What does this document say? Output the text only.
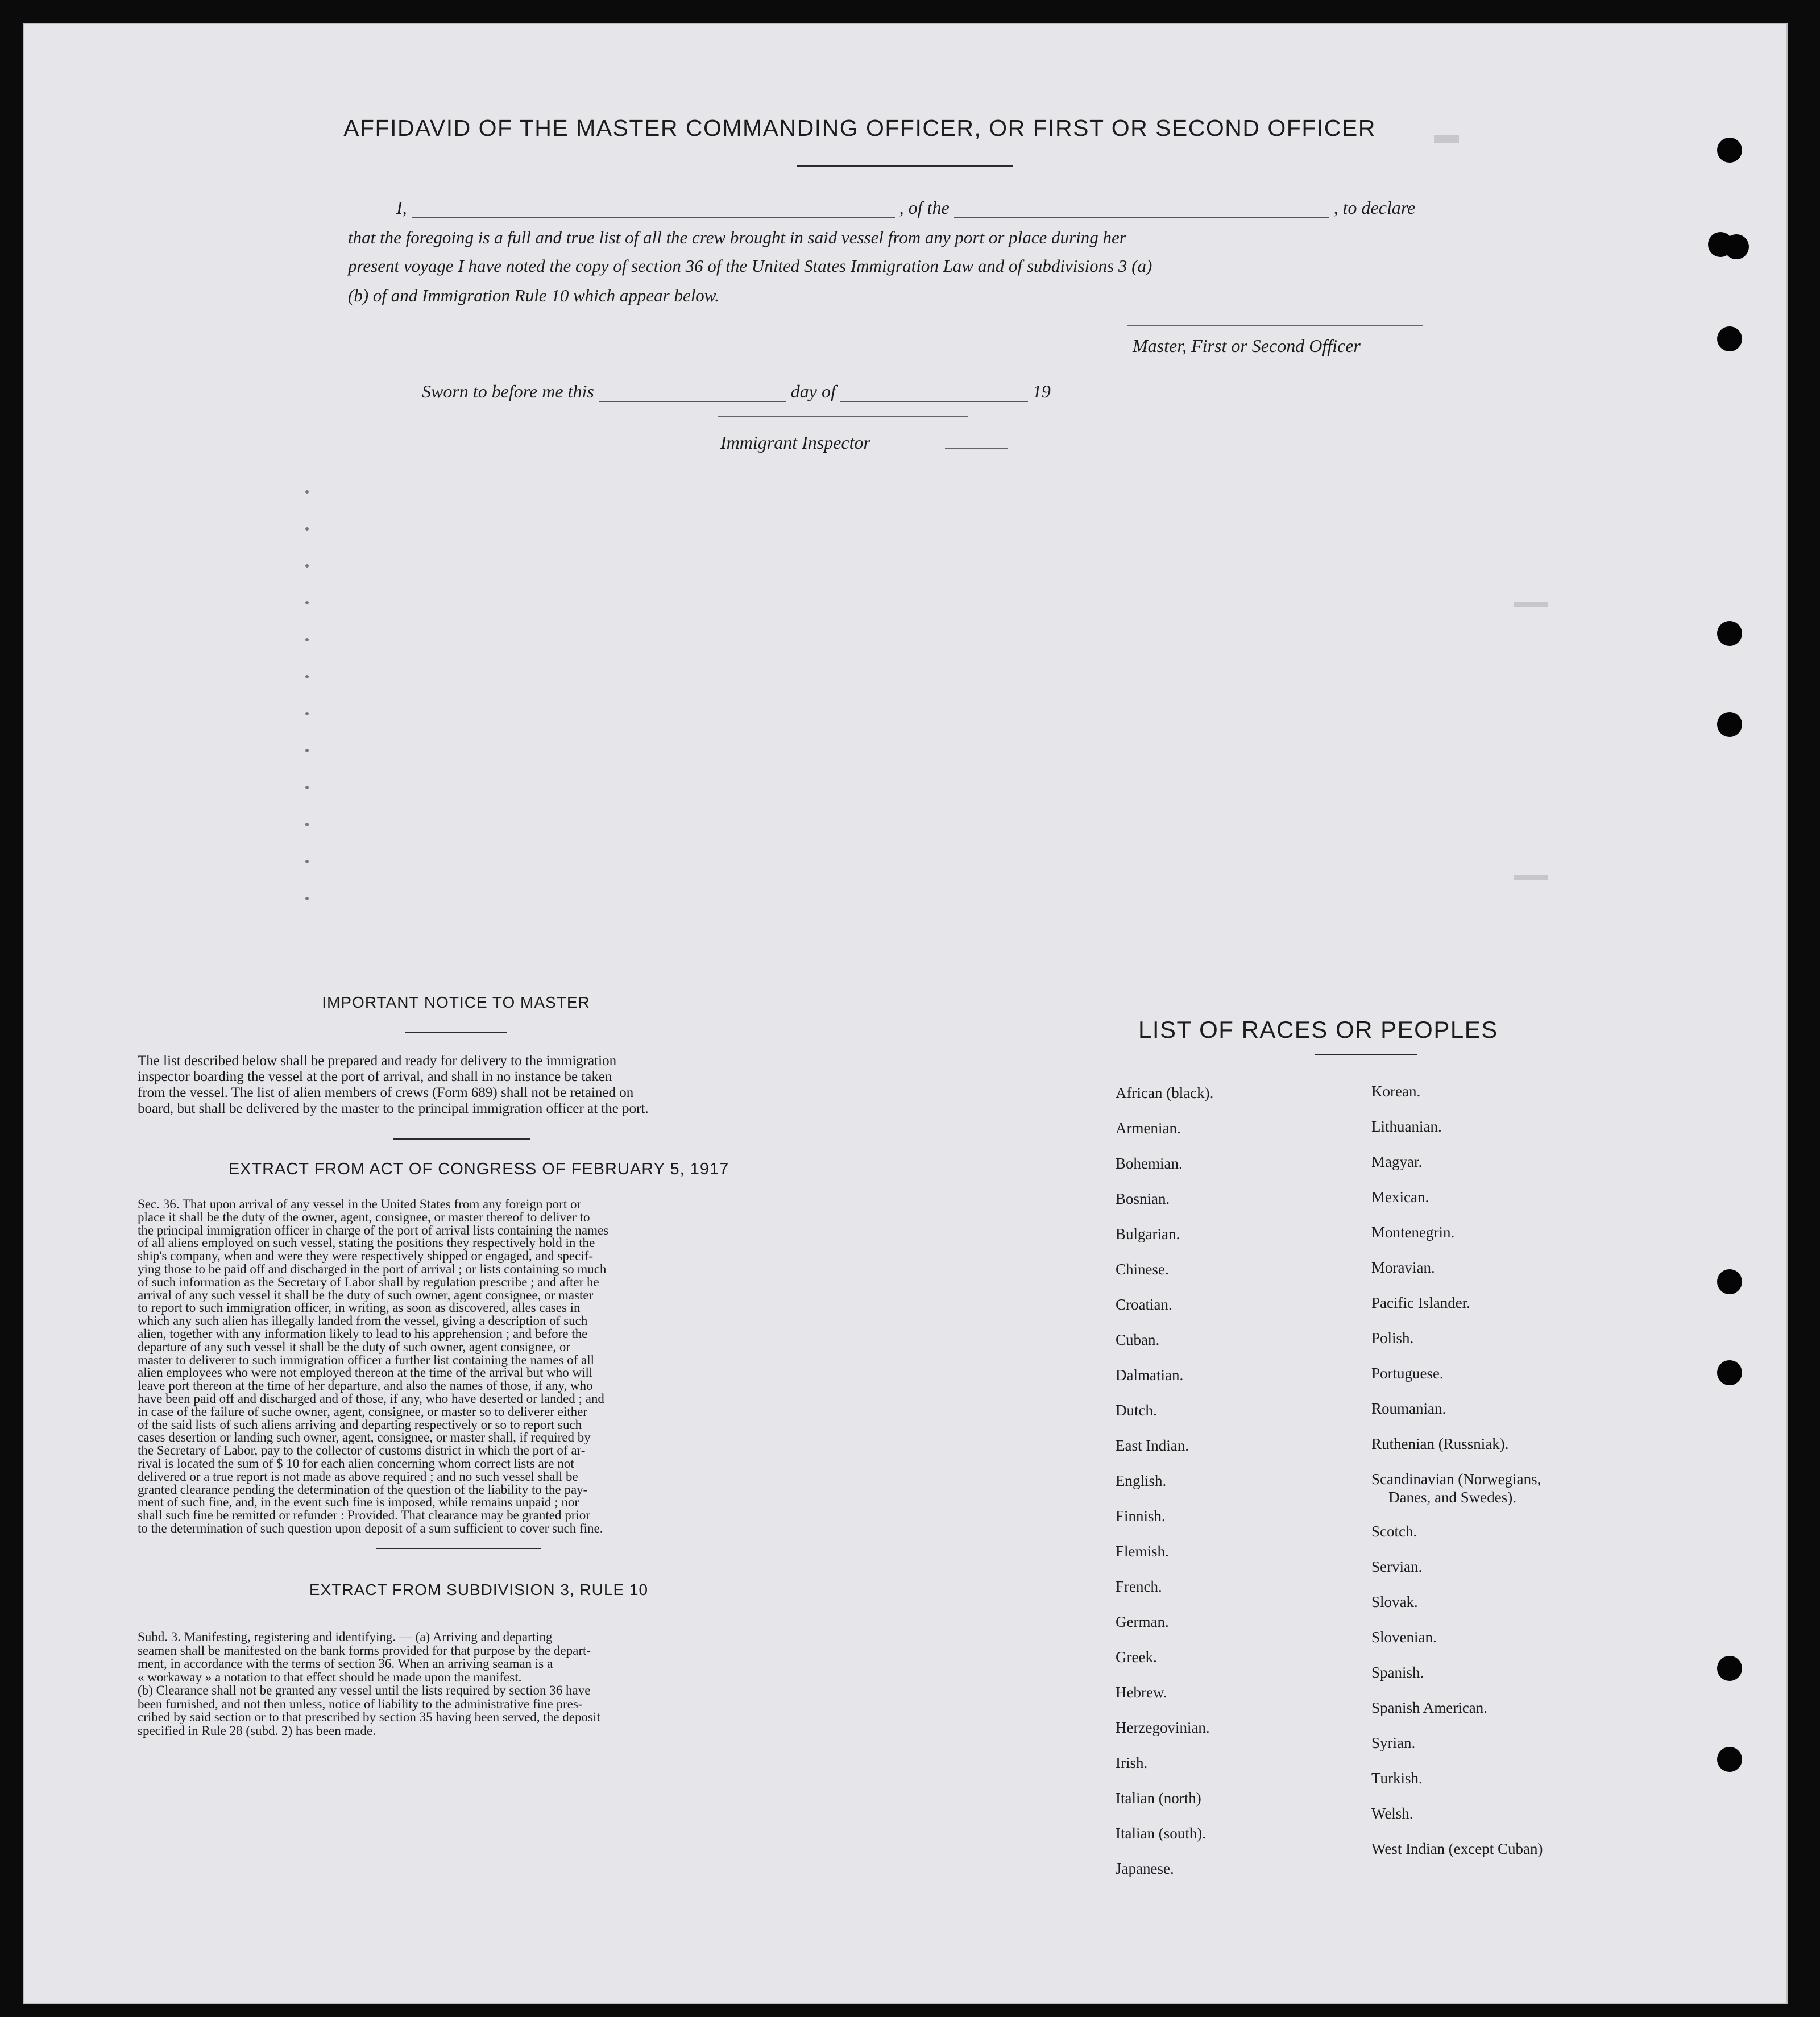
▬
▬▬
▬▬
AFFIDAVID OF THE MASTER COMMANDING OFFICER, OR FIRST OR SECOND OFFICER
I,	, of the	, to declare
that the foregoing is a full and true list of all the crew brought in said vessel from any port or place during her
present voyage I have noted the copy of section 36 of the United States Immigration Law and of subdivisions 3 (a)
(b) of and Immigration Rule 10 which appear below.
Master, First or Second Officer
Sworn to before me this	day of	19
Immigrant Inspector
IMPORTANT NOTICE TO MASTER
The list described below shall be prepared and ready for delivery to the immigration
inspector boarding the vessel at the port of arrival, and shall in no instance be taken
from the vessel. The list of alien members of crews (Form 689) shall not be retained on
board, but shall be delivered by the master to the principal immigration officer at the port.
EXTRACT FROM ACT OF CONGRESS OF FEBRUARY 5, 1917
Sec. 36. That upon arrival of any vessel in the United States from any foreign port or
place it shall be the duty of the owner, agent, consignee, or master thereof to deliver to
the principal immigration officer in charge of the port of arrival lists containing the names
of all aliens employed on such vessel, stating the positions they respectively hold in the
ship's company, when and were they were respectively shipped or engaged, and specif-
ying those to be paid off and discharged in the port of arrival ; or lists containing so much
of such information as the Secretary of Labor shall by regulation prescribe ; and after he
arrival of any such vessel it shall be the duty of such owner, agent consignee, or master
to report to such immigration officer, in writing, as soon as discovered, alles cases in
which any such alien has illegally landed from the vessel, giving a description of such
alien, together with any information likely to lead to his apprehension ; and before the
departure of any such vessel it shall be the duty of such owner, agent consignee, or
master to deliverer to such immigration officer a further list containing the names of all
alien employees who were not employed thereon at the time of the arrival but who will
leave port thereon at the time of her departure, and also the names of those, if any, who
have been paid off and discharged and of those, if any, who have deserted or landed ; and
in case of the failure of suche owner, agent, consignee, or master so to deliverer either
of the said lists of such aliens arriving and departing respectively or so to report such
cases desertion or landing such owner, agent, consignee, or master shall, if required by
the Secretary of Labor, pay to the collector of customs district in which the port of ar-
rival is located the sum of $ 10 for each alien concerning whom correct lists are not
delivered or a true report is not made as above required ; and no such vessel shall be
granted clearance pending the determination of the question of the liability to the pay-
ment of such fine, and, in the event such fine is imposed, while remains unpaid ; nor
shall such fine be remitted or refunder : Provided. That clearance may be granted prior
to the determination of such question upon deposit of a sum sufficient to cover such fine.
EXTRACT FROM SUBDIVISION 3, RULE 10
Subd. 3. Manifesting, registering and identifying. — (a) Arriving and departing
seamen shall be manifested on the bank forms provided for that purpose by the depart-
ment, in accordance with the terms of section 36. When an arriving seaman is a
« workaway » a notation to that effect should be made upon the manifest.
(b) Clearance shall not be granted any vessel until the lists required by section 36 have
been furnished, and not then unless, notice of liability to the administrative fine pres-
cribed by said section or to that prescribed by section 35 having been served, the deposit
specified in Rule 28 (subd. 2) has been made.
LIST OF RACES OR PEOPLES
African (black).
Armenian.
Bohemian.
Bosnian.
Bulgarian.
Chinese.
Croatian.
Cuban.
Dalmatian.
Dutch.
East Indian.
English.
Finnish.
Flemish.
French.
German.
Greek.
Hebrew.
Herzegovinian.
Irish.
Italian (north)
Italian (south).
Japanese.
Korean.
Lithuanian.
Magyar.
Mexican.
Montenegrin.
Moravian.
Pacific Islander.
Polish.
Portuguese.
Roumanian.
Ruthenian (Russniak).
Scandinavian (Norwegians,
Danes, and Swedes).
Scotch.
Servian.
Slovak.
Slovenian.
Spanish.
Spanish American.
Syrian.
Turkish.
Welsh.
West Indian (except Cuban)
